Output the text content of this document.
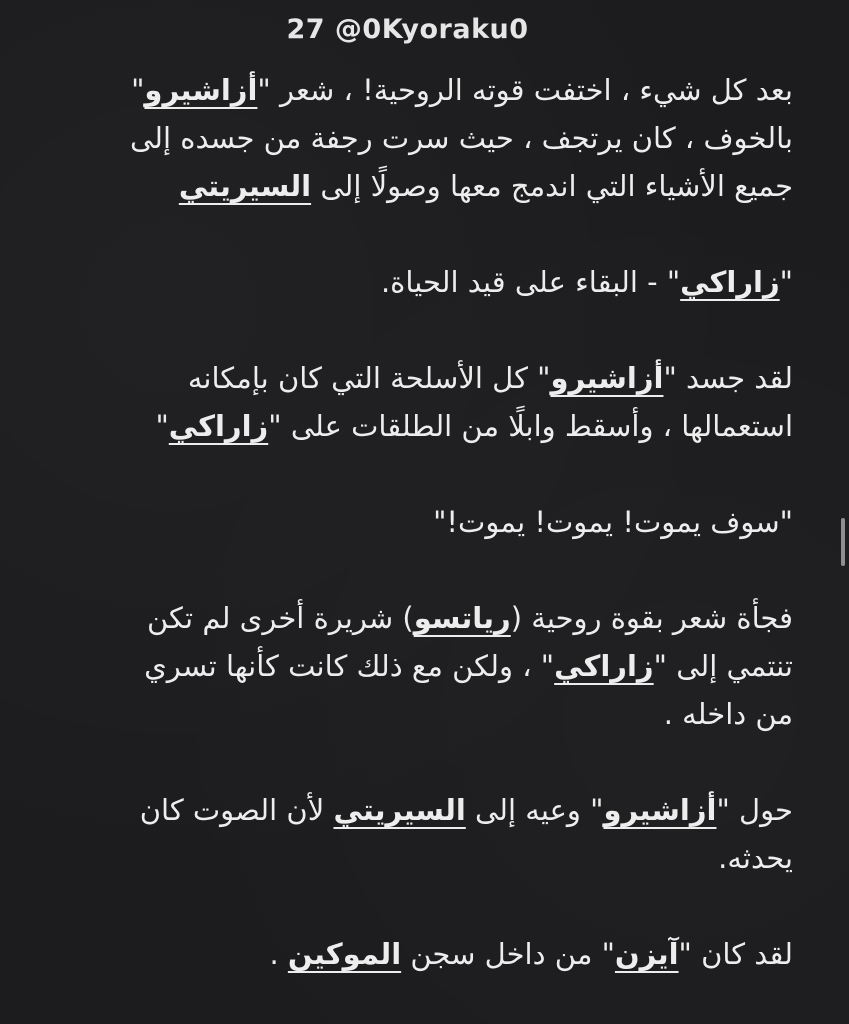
27 @0Kyoraku0
بعد كل شيء ، اختفت قوته الروحية! ، شعر "أزاشيرو"
بالخوف ، كان يرتجف ، حيث سرت رجفة من جسده إلى
جميع الأشياء التي اندمج معها وصولًا إلى السيريتي
"زاراكي" - البقاء على قيد الحياة.
لقد جسد "أزاشيرو" كل الأسلحة التي كان بإمكانه
استعمالها ، وأسقط وابلًا من الطلقات على "زاراكي"
"سوف يموت! يموت! يموت!"
فجأة شعر بقوة روحية (رياتسو) شريرة أخرى لم تكن
تنتمي إلى "زاراكي" ، ولكن مع ذلك كانت كأنها تسري
من داخله .
حول "أزاشيرو" وعيه إلى السيريتي لأن الصوت كان
يحدثه.
لقد كان "آيزن" من داخل سجن الموكين .
